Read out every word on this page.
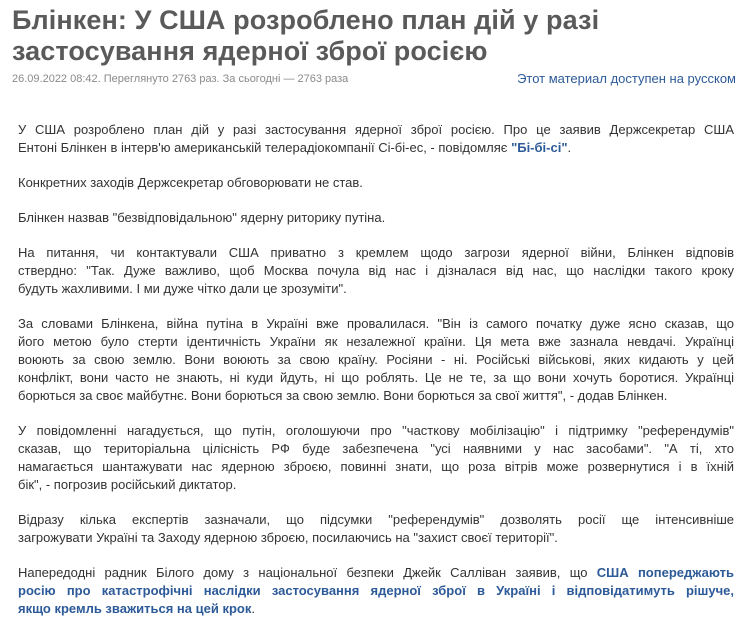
Блінкен: У США розроблено план дій у разі
застосування ядерної зброї росією
26.09.2022 08:42. Переглянуто 2763 раз. За сьогодні — 2763 раза	Этот материал доступен на русском

У США розроблено план дій у разі застосування ядерної зброї росією. Про це заявив Держсекретар США
Ентоні Блінкен в інтерв'ю американській телерадіокомпанії Сі-бі-ес, - повідомляє "Бі-бі-сі".

Конкретних заходів Держсекретар обговорювати не став.

Блінкен назвав "безвідповідальною" ядерну риторику путіна.

На питання, чи контактували США приватно з кремлем щодо загрози ядерної війни, Блінкен відповів
ствердно: "Так. Дуже важливо, щоб Москва почула від нас і дізналася від нас, що наслідки такого кроку
будуть жахливими. І ми дуже чітко дали це зрозуміти".

За словами Блінкена, війна путіна в Україні вже провалилася. "Він із самого початку дуже ясно сказав, що
його метою було стерти ідентичність України як незалежної країни. Ця мета вже зазнала невдачі. Українці
воюють за свою землю. Вони воюють за свою країну. Росіяни - ні. Російські військові, яких кидають у цей
конфлікт, вони часто не знають, ні куди йдуть, ні що роблять. Це не те, за що вони хочуть боротися. Українці
борються за своє майбутнє. Вони борються за свою землю. Вони борються за свої життя", - додав Блінкен.

У повідомленні нагадується, що путін, оголошуючи про "часткову мобілізацію" і підтримку "референдумів"
сказав, що територіальна цілісність РФ буде забезпечена "усі наявними у нас засобами". "А ті, хто
намагається шантажувати нас ядерною зброєю, повинні знати, що роза вітрів може розвернутися і в їхній
бік", - погрозив російський диктатор.

Відразу кілька експертів зазначали, що підсумки "референдумів" дозволять росії ще інтенсивніше
загрожувати Україні та Заходу ядерною зброєю, посилаючись на "захист своєї території".

Напередодні радник Білого дому з національної безпеки Джейк Салліван заявив, що США попереджають
росію про катастрофічні наслідки застосування ядерної зброї в Україні і відповідатимуть рішуче,
якщо кремль зважиться на цей крок.
